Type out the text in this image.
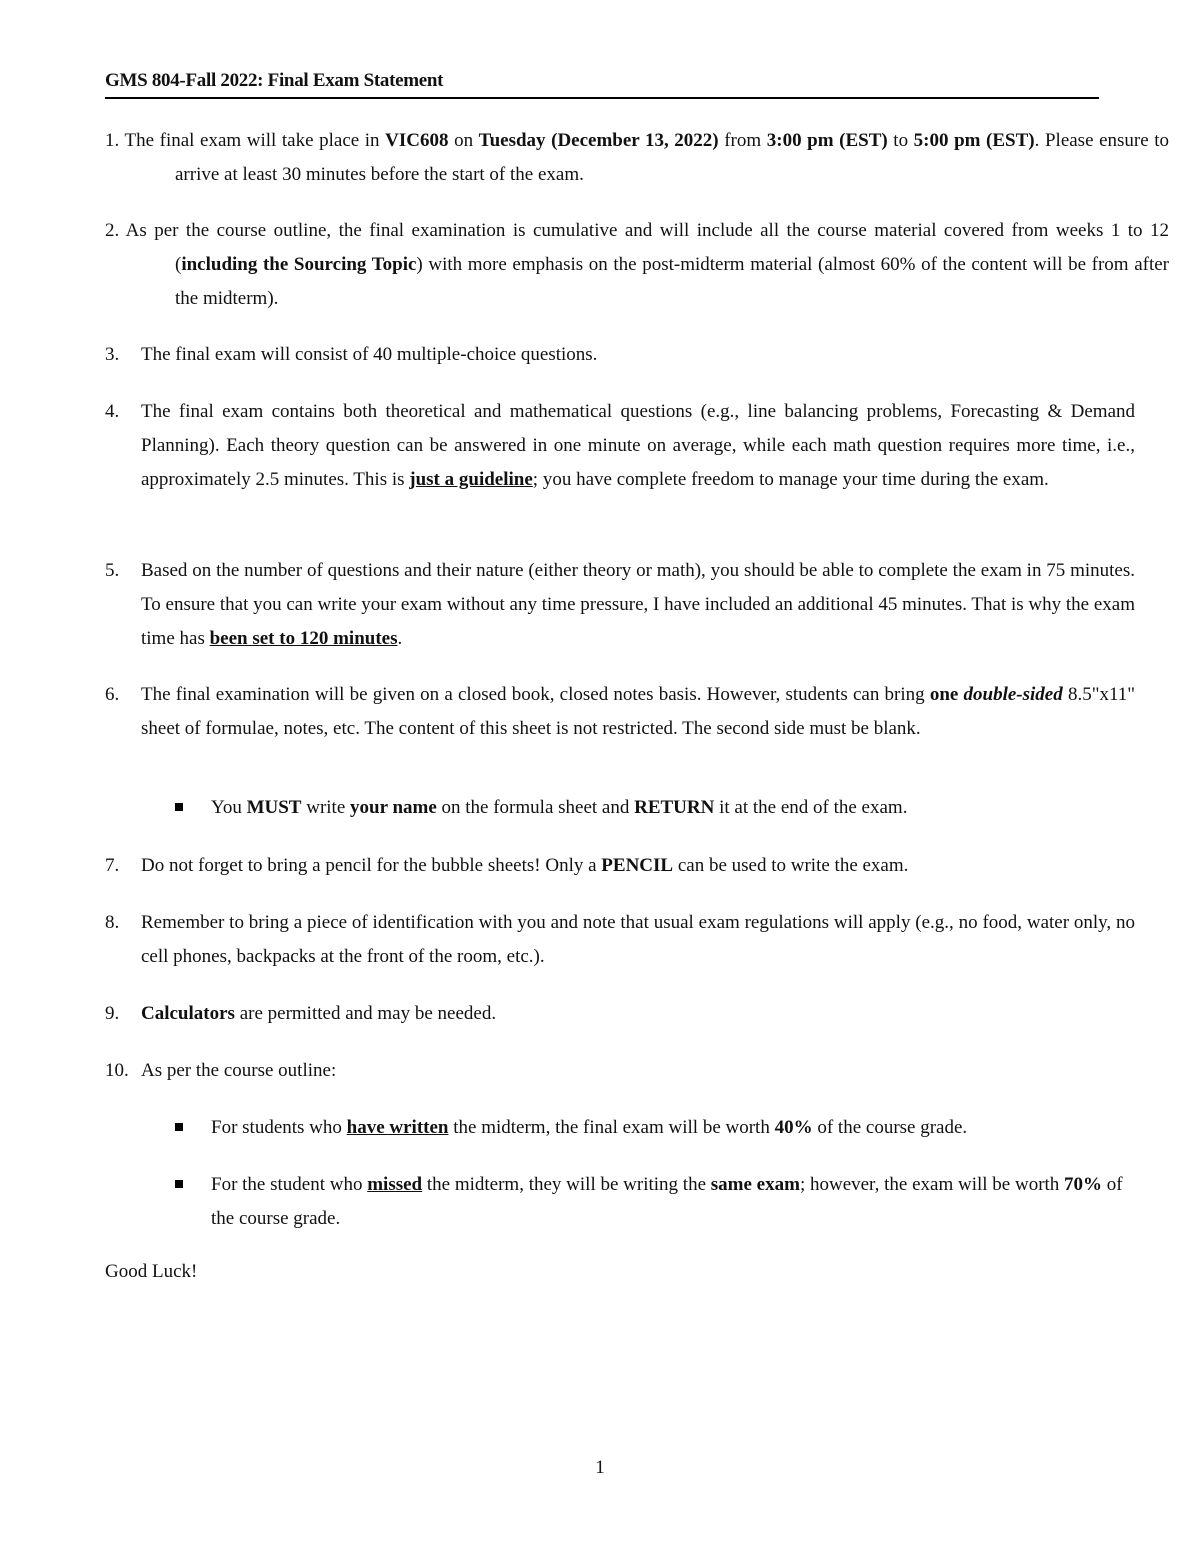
GMS 804-Fall 2022: Final Exam Statement
1. The final exam will take place in VIC608 on Tuesday (December 13, 2022) from 3:00 pm (EST) to 5:00 pm (EST). Please ensure to arrive at least 30 minutes before the start of the exam.
2. As per the course outline, the final examination is cumulative and will include all the course material covered from weeks 1 to 12 (including the Sourcing Topic) with more emphasis on the post-midterm material (almost 60% of the content will be from after the midterm).
3. The final exam will consist of 40 multiple-choice questions.
4. The final exam contains both theoretical and mathematical questions (e.g., line balancing problems, Forecasting & Demand Planning). Each theory question can be answered in one minute on average, while each math question requires more time, i.e., approximately 2.5 minutes. This is just a guideline; you have complete freedom to manage your time during the exam.
5. Based on the number of questions and their nature (either theory or math), you should be able to complete the exam in 75 minutes. To ensure that you can write your exam without any time pressure, I have included an additional 45 minutes. That is why the exam time has been set to 120 minutes.
6. The final examination will be given on a closed book, closed notes basis. However, students can bring one double-sided 8.5"x11" sheet of formulae, notes, etc. The content of this sheet is not restricted. The second side must be blank.
You MUST write your name on the formula sheet and RETURN it at the end of the exam.
7. Do not forget to bring a pencil for the bubble sheets! Only a PENCIL can be used to write the exam.
8. Remember to bring a piece of identification with you and note that usual exam regulations will apply (e.g., no food, water only, no cell phones, backpacks at the front of the room, etc.).
9. Calculators are permitted and may be needed.
10. As per the course outline:
For students who have written the midterm, the final exam will be worth 40% of the course grade.
For the student who missed the midterm, they will be writing the same exam; however, the exam will be worth 70% of the course grade.
Good Luck!
1
